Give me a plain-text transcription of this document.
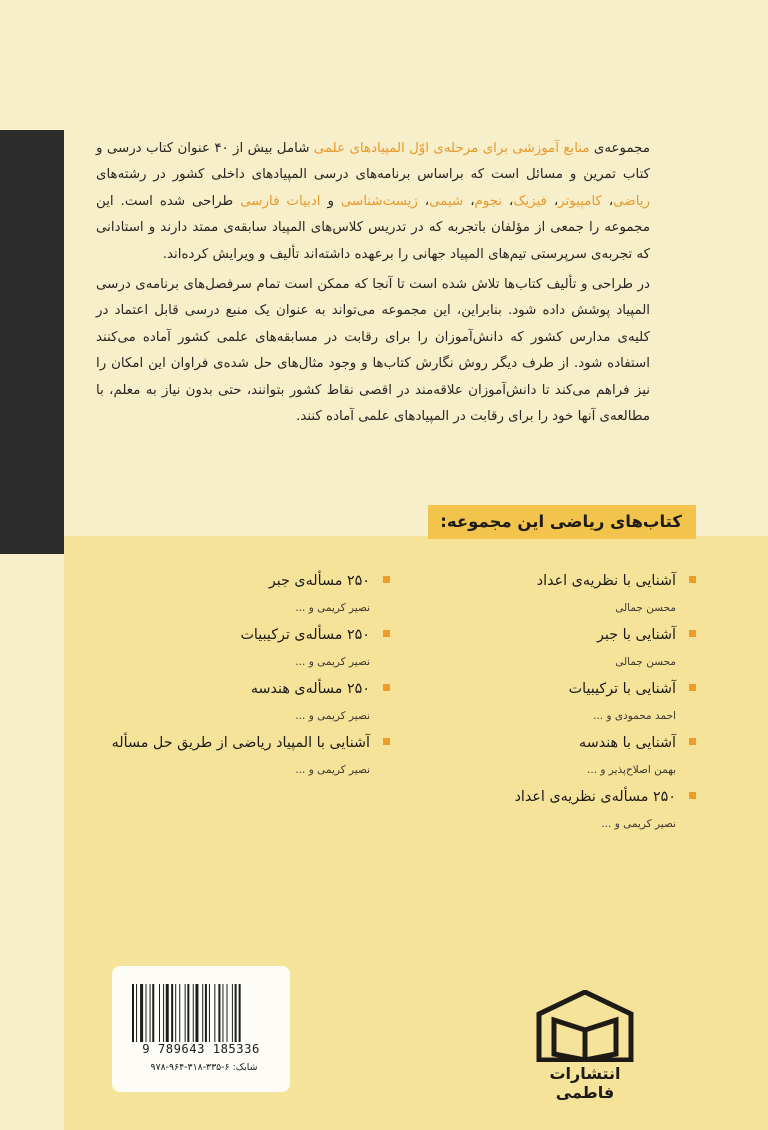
مجموعه‌ی منابع آموزشی برای مرحله‌ی اوّل المپیادهای علمی شامل بیش از ۴۰ عنوان کتاب درسی و کتاب تمرین و مسائل است که براساس برنامه‌های درسی المپیادهای داخلی کشور در رشته‌های ریاضی، کامپیوتر، فیزیک، نجوم، شیمی، زیست‌شناسی و ادبیات فارسی طراحی شده است. این مجموعه را جمعی از مؤلفان باتجربه که در تدریس کلاس‌های المپیاد سابقه‌ی ممتد دارند و استادانی که تجربه‌ی سرپرستی تیم‌های المپیاد جهانی را برعهده داشته‌اند تألیف و ویرایش کرده‌اند.

در طراحی و تألیف کتاب‌ها تلاش شده است تا آنجا که ممکن است تمام سرفصل‌های برنامه‌ی درسی المپیاد پوشش داده شود. بنابراین، این مجموعه می‌تواند به عنوان یک منبع درسی قابل اعتماد در کلیه‌ی مدارس کشور که دانش‌آموزان را برای رقابت در مسابقه‌های علمی کشور آماده می‌کنند استفاده شود. از طرف دیگر روش نگارش کتاب‌ها و وجود مثال‌های حل شده‌ی فراوان این امکان را نیز فراهم می‌کند تا دانش‌آموزان علاقه‌مند در اقصی نقاط کشور بتوانند، حتی بدون نیاز به معلم، با مطالعه‌ی آنها خود را برای رقابت در المپیادهای علمی آماده کنند.

کتاب‌های ریاضی این مجموعه:
آشنایی با نظریه‌ی اعداد
محسن جمالی
آشنایی با جبر
محسن جمالی
آشنایی با ترکیبیات
احمد محمودی و ...
آشنایی با هندسه
بهمن اصلاح‌پذیر و ...
۲۵۰ مسأله‌ی نظریه‌ی اعداد
نصیر کریمی و ...
۲۵۰ مسأله‌ی جبر
نصیر کریمی و ...
۲۵۰ مسأله‌ی ترکیبیات
نصیر کریمی و ...
۲۵۰ مسأله‌ی هندسه
نصیر کریمی و ...
آشنایی با المپیاد ریاضی از طریق حل مسأله
نصیر کریمی و ...
9 789643 185336
شابک: ۶-۳۳۵-۳۱۸-۹۶۴-۹۷۸	انتشارات فاطمی
